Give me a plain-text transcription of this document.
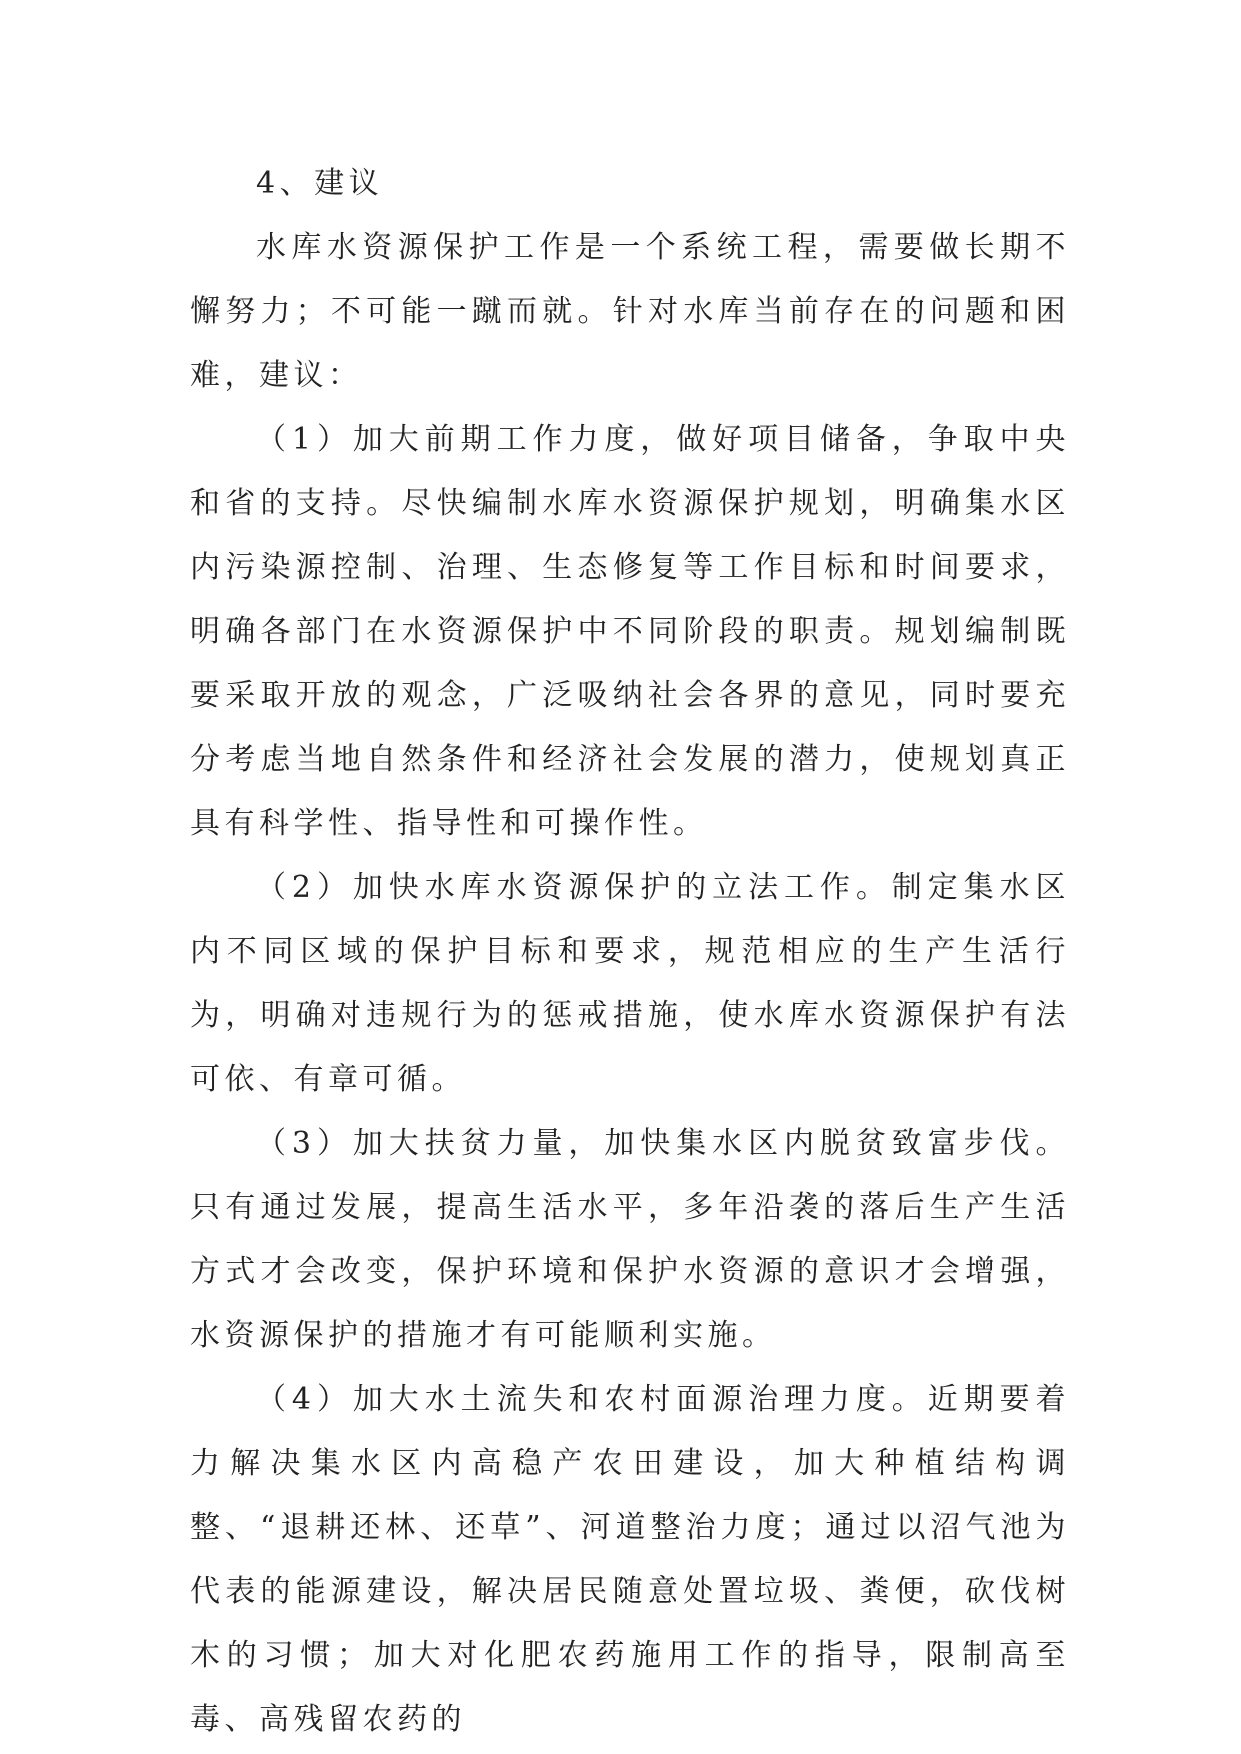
4、建议

水库水资源保护工作是一个系统工程，需要做长期不懈努力；不可能一蹴而就。针对水库当前存在的问题和困难，建议：

（1）加大前期工作力度，做好项目储备，争取中央和省的支持。尽快编制水库水资源保护规划，明确集水区内污染源控制、治理、生态修复等工作目标和时间要求，明确各部门在水资源保护中不同阶段的职责。规划编制既要采取开放的观念，广泛吸纳社会各界的意见，同时要充分考虑当地自然条件和经济社会发展的潜力，使规划真正具有科学性、指导性和可操作性。

（2）加快水库水资源保护的立法工作。制定集水区内不同区域的保护目标和要求，规范相应的生产生活行为，明确对违规行为的惩戒措施，使水库水资源保护有法可依、有章可循。

（3）加大扶贫力量，加快集水区内脱贫致富步伐。只有通过发展，提高生活水平，多年沿袭的落后生产生活方式才会改变，保护环境和保护水资源的意识才会增强，水资源保护的措施才有可能顺利实施。

（4）加大水土流失和农村面源治理力度。近期要着力解决集水区内高稳产农田建设，加大种植结构调整、“退耕还林、还草”、河道整治力度；通过以沼气池为代表的能源建设，解决居民随意处置垃圾、粪便，砍伐树木的习惯；加大对化肥农药施用工作的指导，限制高至毒、高残留农药的
